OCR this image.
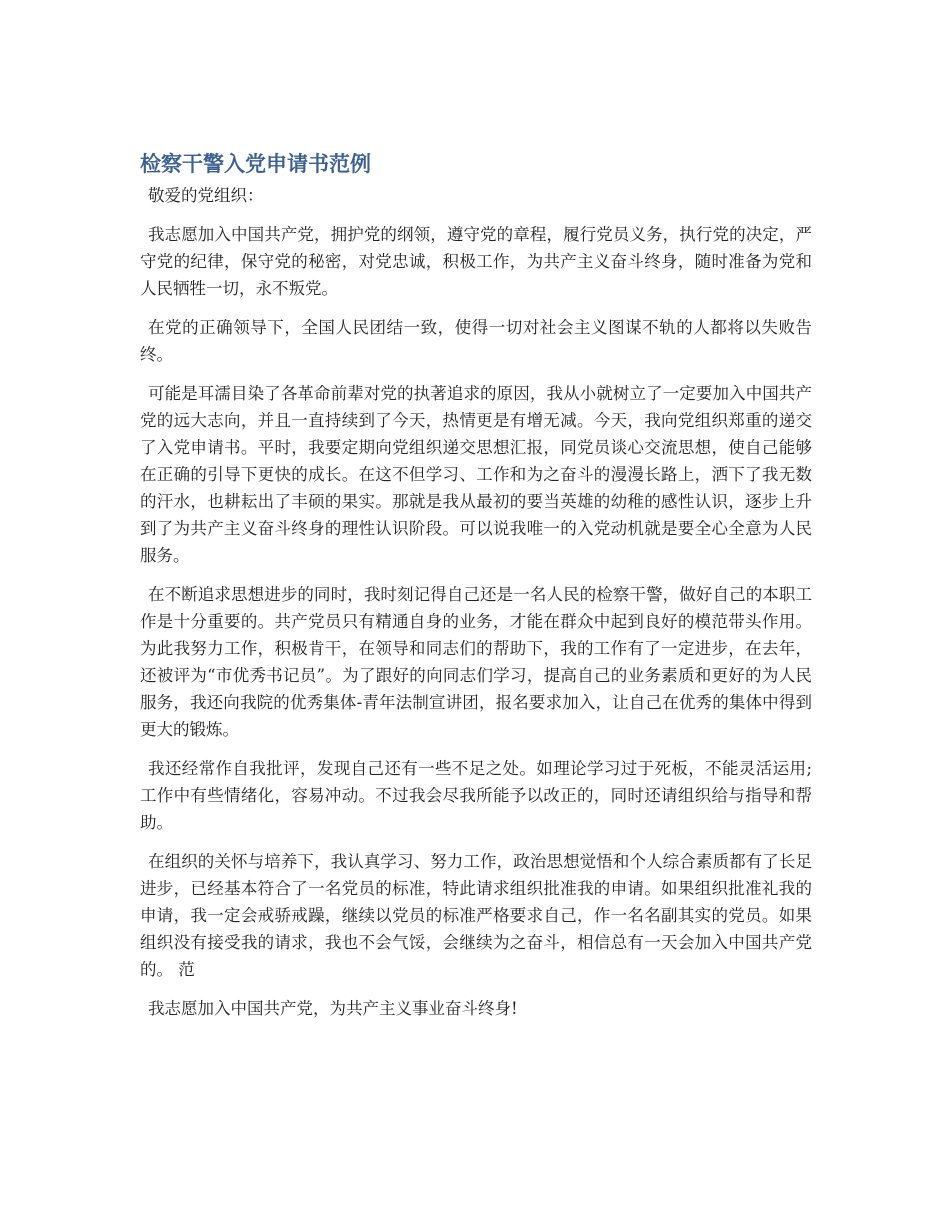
检察干警入党申请书范例

敬爱的党组织：

我志愿加入中国共产党，拥护党的纲领，遵守党的章程，履行党员义务，执行党的决定，严守党的纪律，保守党的秘密，对党忠诚，积极工作，为共产主义奋斗终身，随时准备为党和人民牺牲一切，永不叛党。

在党的正确领导下，全国人民团结一致，使得一切对社会主义图谋不轨的人都将以失败告终。

可能是耳濡目染了各革命前辈对党的执著追求的原因，我从小就树立了一定要加入中国共产党的远大志向，并且一直持续到了今天，热情更是有增无减。今天，我向党组织郑重的递交了入党申请书。平时，我要定期向党组织递交思想汇报，同党员谈心交流思想，使自己能够在正确的引导下更快的成长。在这不但学习、工作和为之奋斗的漫漫长路上，洒下了我无数的汗水，也耕耘出了丰硕的果实。那就是我从最初的要当英雄的幼稚的感性认识，逐步上升到了为共产主义奋斗终身的理性认识阶段。可以说我唯一的入党动机就是要全心全意为人民服务。

在不断追求思想进步的同时，我时刻记得自己还是一名人民的检察干警，做好自己的本职工作是十分重要的。共产党员只有精通自身的业务，才能在群众中起到良好的模范带头作用。为此我努力工作，积极肯干，在领导和同志们的帮助下，我的工作有了一定进步，在去年，还被评为“市优秀书记员”。为了跟好的向同志们学习，提高自己的业务素质和更好的为人民服务，我还向我院的优秀集体-青年法制宣讲团，报名要求加入，让自己在优秀的集体中得到更大的锻炼。

我还经常作自我批评，发现自己还有一些不足之处。如理论学习过于死板，不能灵活运用;工作中有些情绪化，容易冲动。不过我会尽我所能予以改正的，同时还请组织给与指导和帮助。

在组织的关怀与培养下，我认真学习、努力工作，政治思想觉悟和个人综合素质都有了长足进步，已经基本符合了一名党员的标准，特此请求组织批准我的申请。如果组织批准礼我的申请，我一定会戒骄戒躁，继续以党员的标准严格要求自己，作一名名副其实的党员。如果组织没有接受我的请求，我也不会气馁，会继续为之奋斗，相信总有一天会加入中国共产党的。 范

我志愿加入中国共产党，为共产主义事业奋斗终身!
